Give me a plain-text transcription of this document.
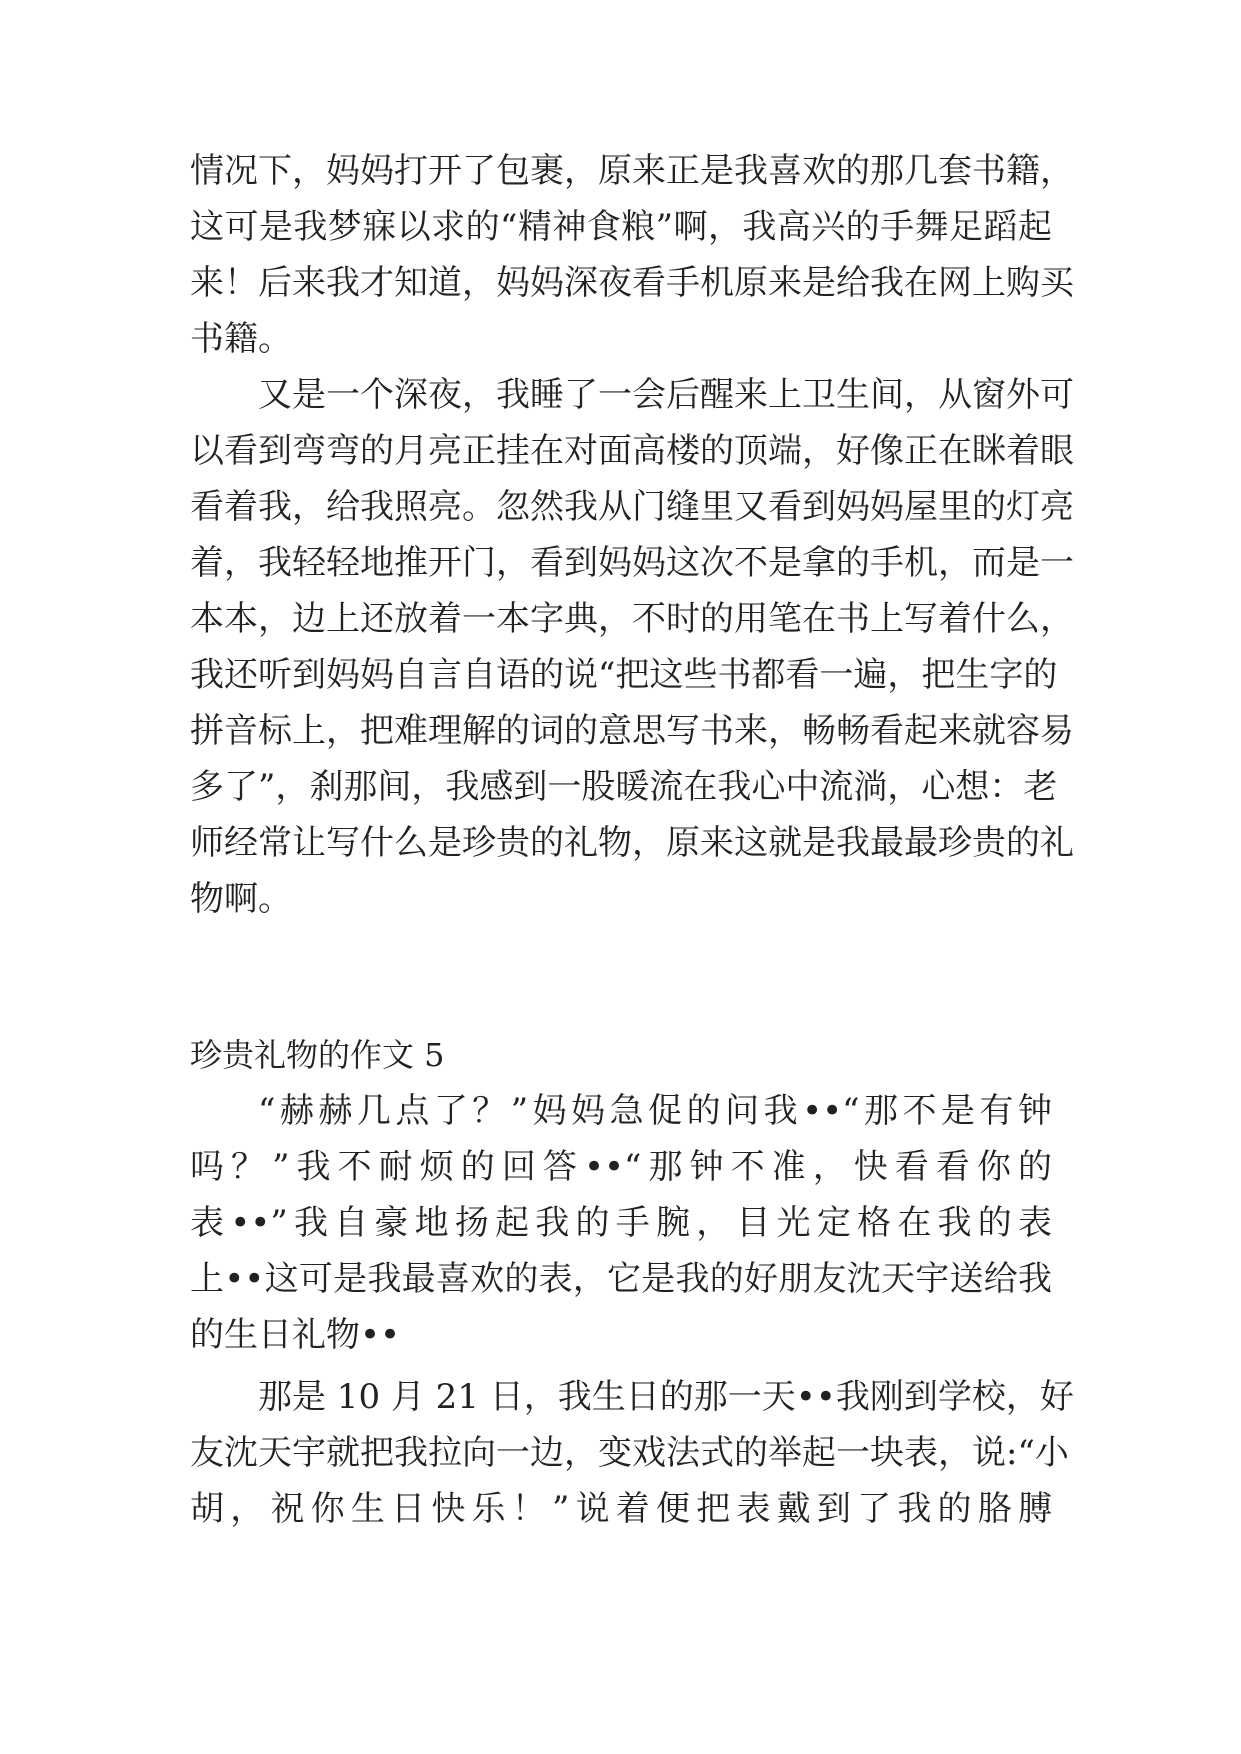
情况下，妈妈打开了包裹，原来正是我喜欢的那几套书籍，
这可是我梦寐以求的“精神食粮”啊，我高兴的手舞足蹈起
来！后来我才知道，妈妈深夜看手机原来是给我在网上购买
书籍。
又是一个深夜，我睡了一会后醒来上卫生间，从窗外可
以看到弯弯的月亮正挂在对面高楼的顶端，好像正在眯着眼
看着我，给我照亮。忽然我从门缝里又看到妈妈屋里的灯亮
着，我轻轻地推开门，看到妈妈这次不是拿的手机，而是一
本本，边上还放着一本字典，不时的用笔在书上写着什么，
我还听到妈妈自言自语的说“把这些书都看一遍，把生字的
拼音标上，把难理解的词的意思写书来，畅畅看起来就容易
多了”，刹那间，我感到一股暖流在我心中流淌，心想：老
师经常让写什么是珍贵的礼物，原来这就是我最最珍贵的礼
物啊。
珍贵礼物的作文 5
“赫赫几点了？”妈妈急促的问我••“那不是有钟
吗？”我不耐烦的回答••“那钟不准，快看看你的
表••”我自豪地扬起我的手腕，目光定格在我的表
上••这可是我最喜欢的表，它是我的好朋友沈天宇送给我
的生日礼物••
那是 10 月 21 日，我生日的那一天••我刚到学校，好
友沈天宇就把我拉向一边，变戏法式的举起一块表，说:“小
胡，祝你生日快乐！”说着便把表戴到了我的胳膊
